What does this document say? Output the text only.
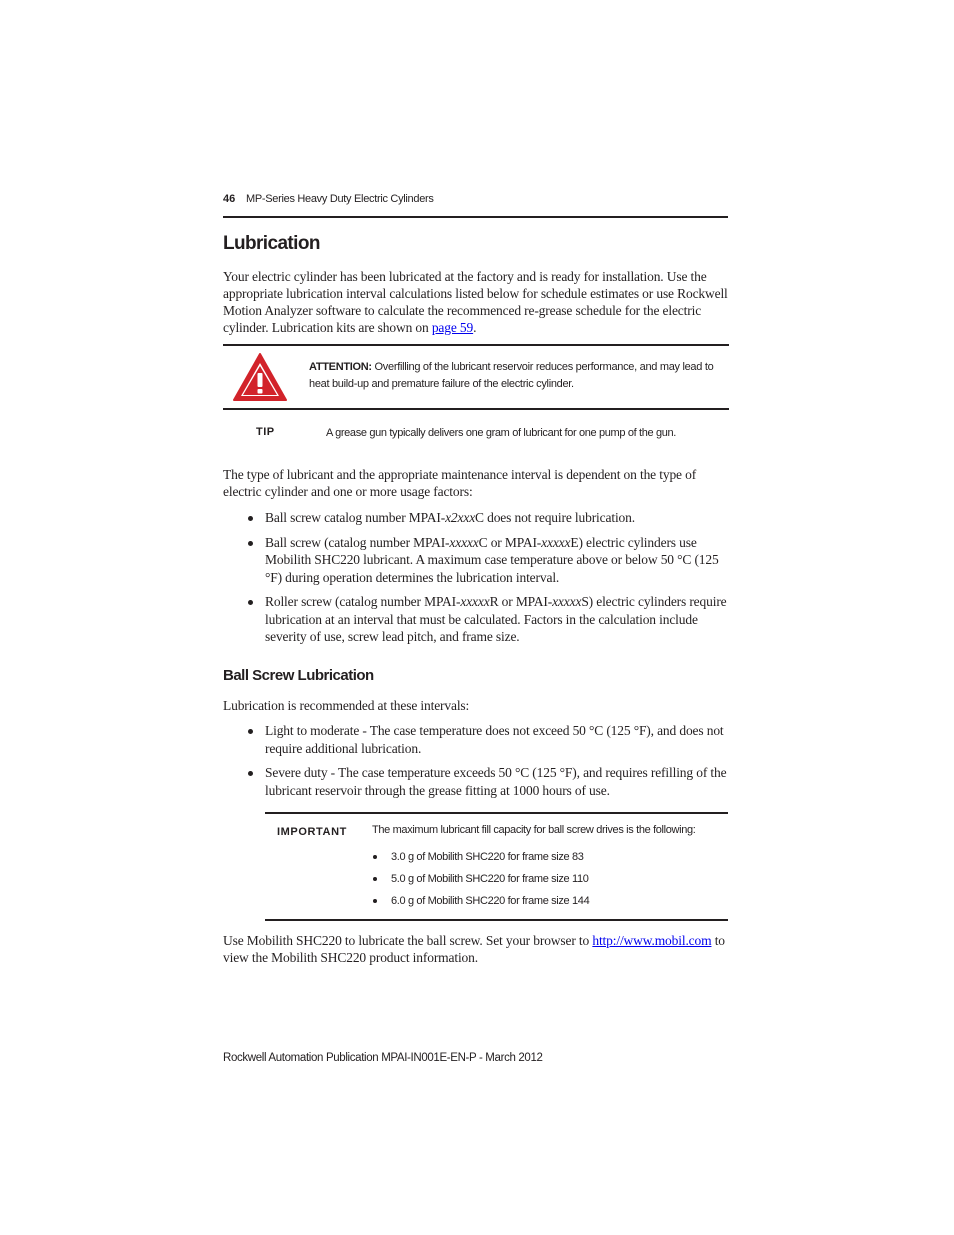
46 MP-Series Heavy Duty Electric Cylinders
Lubrication

Your electric cylinder has been lubricated at the factory and is ready for installation. Use the appropriate lubrication interval calculations listed below for schedule estimates or use Rockwell Motion Analyzer software to calculate the recommenced re-grease schedule for the electric cylinder. Lubrication kits are shown on page 59.

ATTENTION: Overfilling of the lubricant reservoir reduces performance, and may lead to heat build-up and premature failure of the electric cylinder.
TIP	A grease gun typically delivers one gram of lubricant for one pump of the gun.

The type of lubricant and the appropriate maintenance interval is dependent on the type of electric cylinder and one or more usage factors:

Ball screw catalog number MPAI-x2xxxC does not require lubrication.
Ball screw (catalog number MPAI-xxxxxC or MPAI-xxxxxE) electric cylinders use Mobilith SHC220 lubricant. A maximum case temperature above or below 50 °C (125 °F) during operation determines the lubrication interval.
Roller screw (catalog number MPAI-xxxxxR or MPAI-xxxxxS) electric cylinders require lubrication at an interval that must be calculated. Factors in the calculation include severity of use, screw lead pitch, and frame size.
Ball Screw Lubrication

Lubrication is recommended at these intervals:

Light to moderate - The case temperature does not exceed 50 °C (125 °F), and does not require additional lubrication.
Severe duty - The case temperature exceeds 50 °C (125 °F), and requires refilling of the lubricant reservoir through the grease fitting at 1000 hours of use.
IMPORTANT The maximum lubricant fill capacity for ball screw drives is the following:
3.0 g of Mobilith SHC220 for frame size 83
5.0 g of Mobilith SHC220 for frame size 110
6.0 g of Mobilith SHC220 for frame size 144

Use Mobilith SHC220 to lubricate the ball screw. Set your browser to http://www.mobil.com to view the Mobilith SHC220 product information.

Rockwell Automation Publication MPAI-IN001E-EN-P - March 2012
